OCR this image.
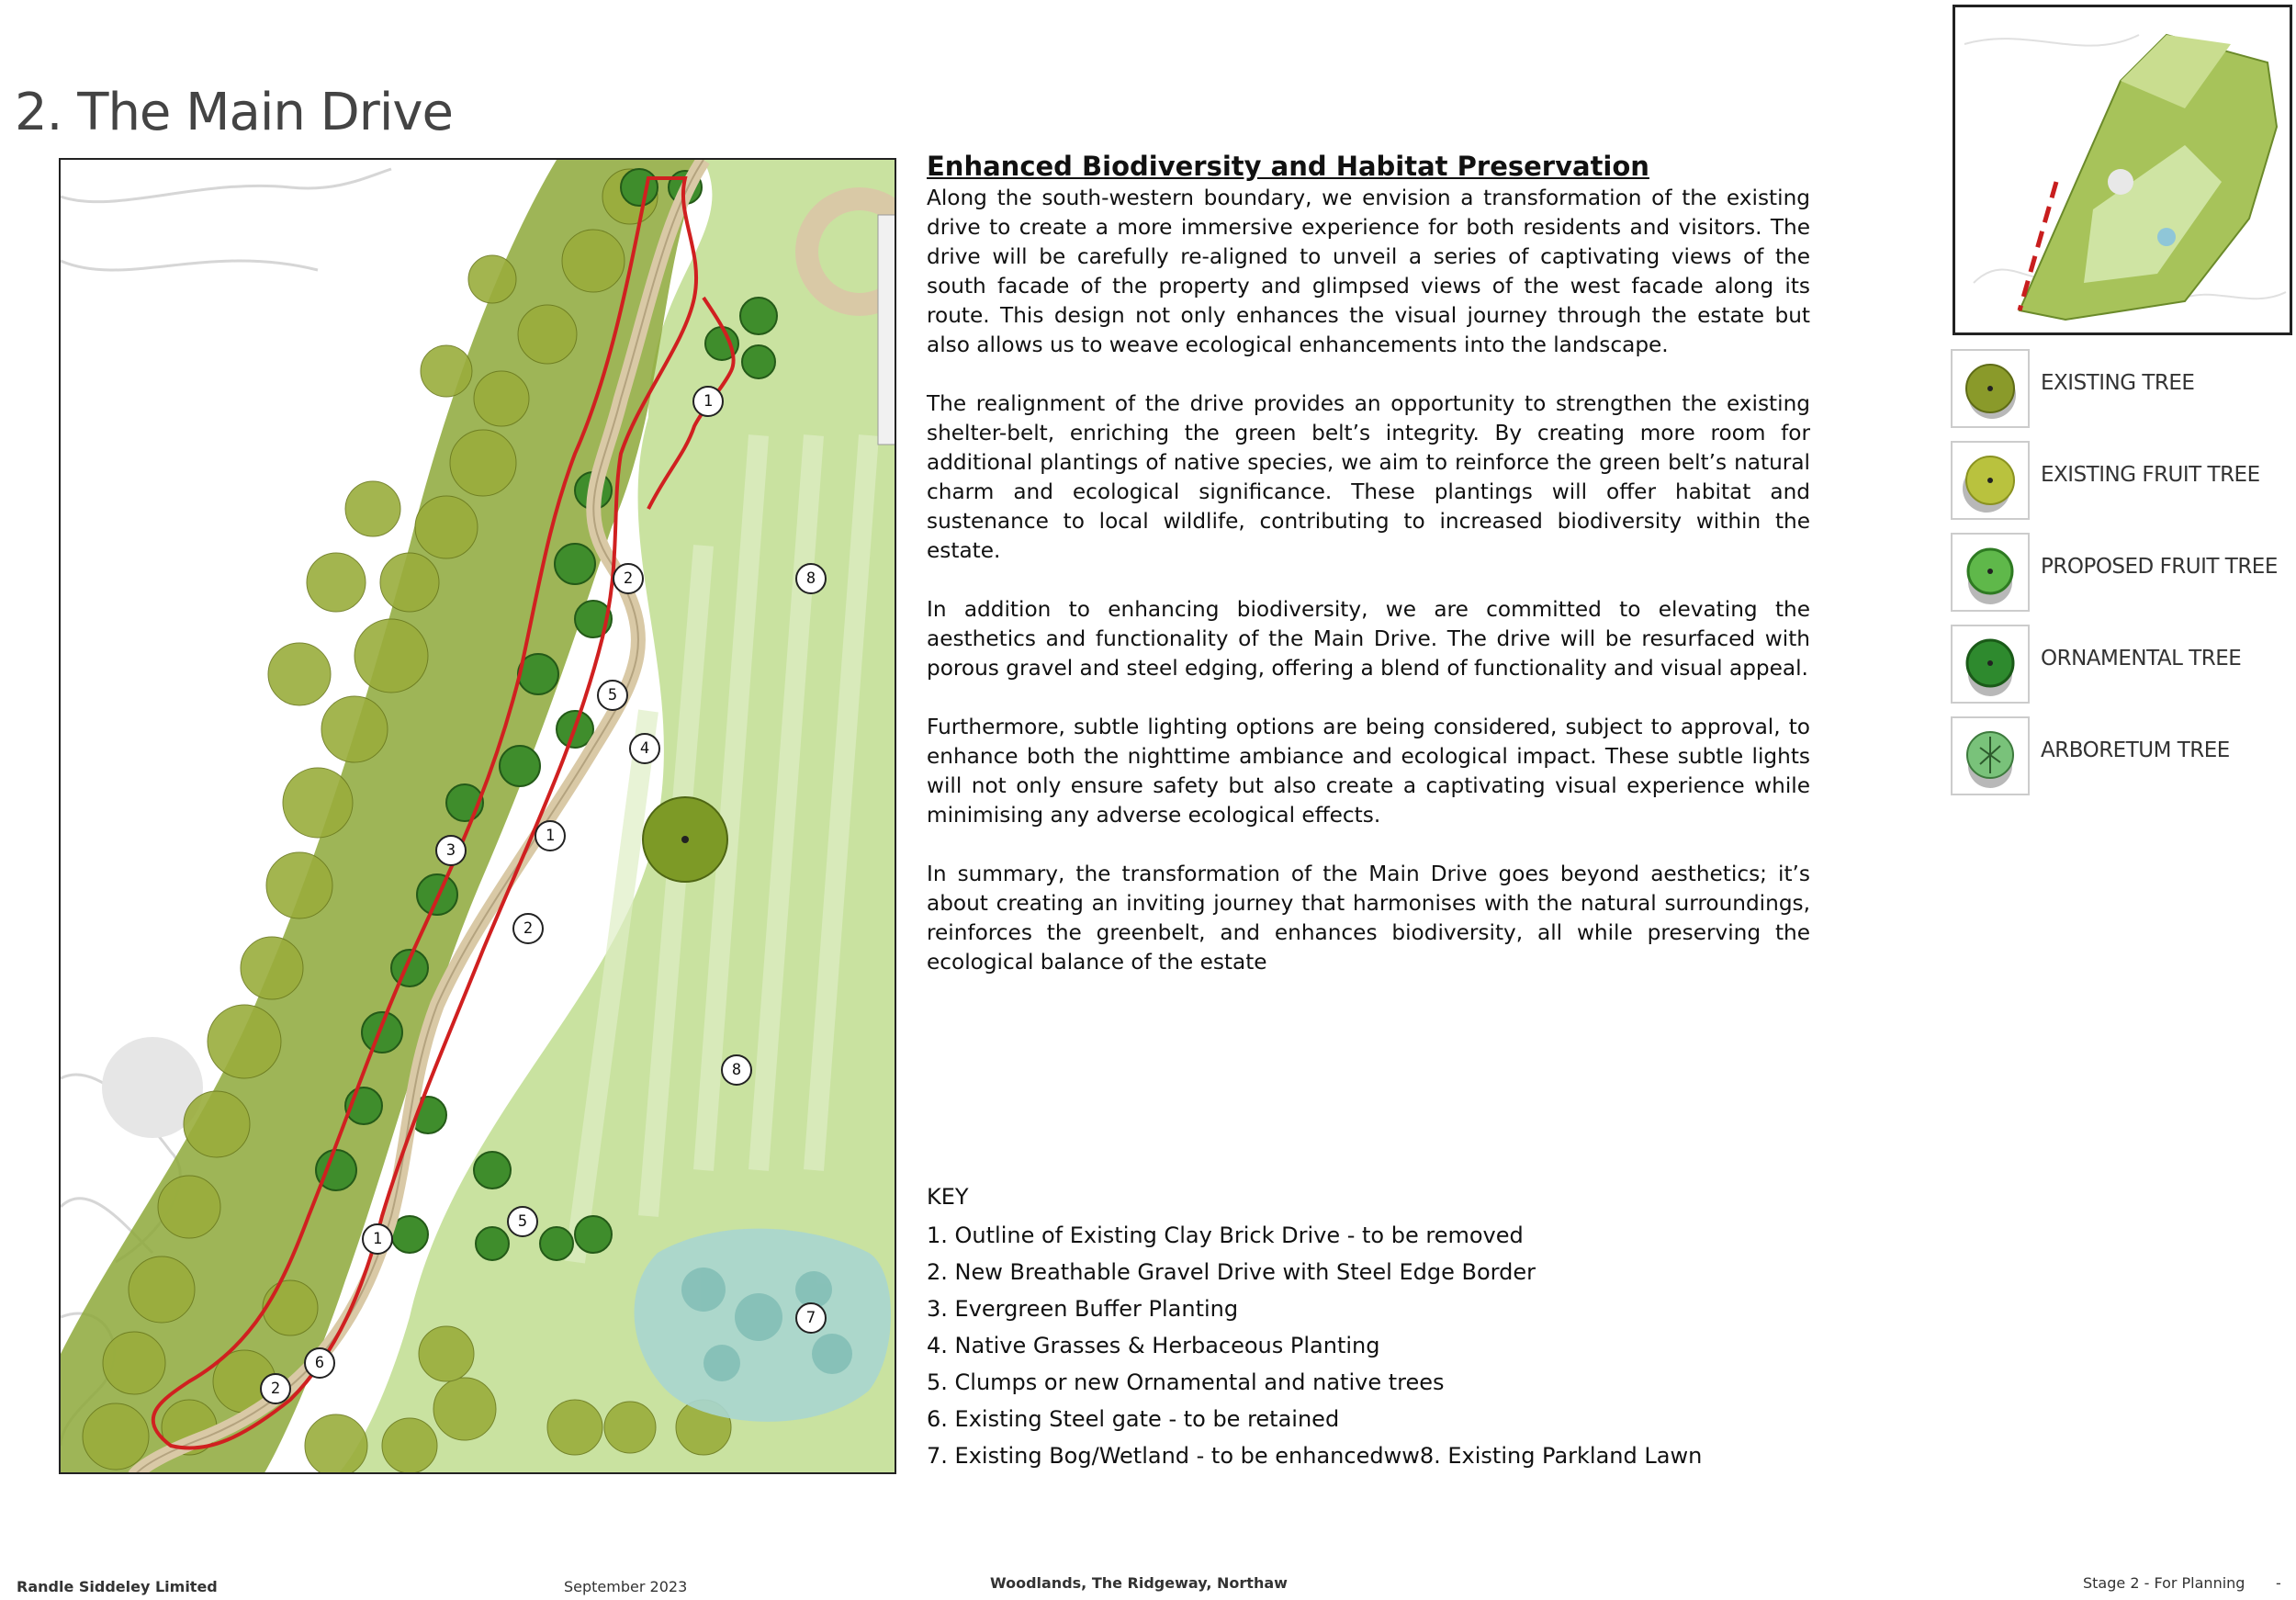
2. The Main Drive
1
2	8
5
4
3
1
2
8
5
1
7
6
2
Enhanced Biodiversity and Habitat Preservation

Along the south-western boundary, we envision a transformation of the existing drive to create a more immersive experience for both residents and visitors. The drive will be carefully re-aligned to unveil a series of captivating views of the south facade of the property and glimpsed views of the west facade along its route. This design not only enhances the visual journey through the estate but also allows us to weave ecological enhancements into the landscape.

The realignment of the drive provides an opportunity to strengthen the existing shelter-belt, enriching the green belt’s integrity. By creating more room for additional plantings of native species, we aim to reinforce the green belt’s natural charm and ecological significance. These plantings will offer habitat and sustenance to local wildlife, contributing to increased biodiversity within the estate.

In addition to enhancing biodiversity, we are committed to elevating the aesthetics and functionality of the Main Drive. The drive will be resurfaced with porous gravel and steel edging, offering a blend of functionality and visual appeal.

Furthermore, subtle lighting options are being considered, subject to approval, to enhance both the nighttime ambiance and ecological impact. These subtle lights will not only ensure safety but also create a captivating visual experience while minimising any adverse ecological effects.

In summary, the transformation of the Main Drive goes beyond aesthetics; it’s about creating an inviting journey that harmonises with the natural surroundings, reinforces the greenbelt, and enhances biodiversity, all while preserving the ecological balance of the estate

KEY
1. Outline of Existing Clay Brick Drive - to be removed
2. New Breathable Gravel Drive with Steel Edge Border
3. Evergreen Buffer Planting
4. Native Grasses & Herbaceous Planting
5. Clumps or new Ornamental and native trees
6. Existing Steel gate - to be retained
7. Existing Bog/Wetland - to be enhancedww8. Existing Parkland Lawn
EXISTING TREE
EXISTING FRUIT TREE
PROPOSED FRUIT TREE
ORNAMENTAL TREE
ARBORETUM TREE
Randle Siddeley Limited	September 2023	Woodlands, The Ridgeway, Northaw	Stage 2 - For Planning -
